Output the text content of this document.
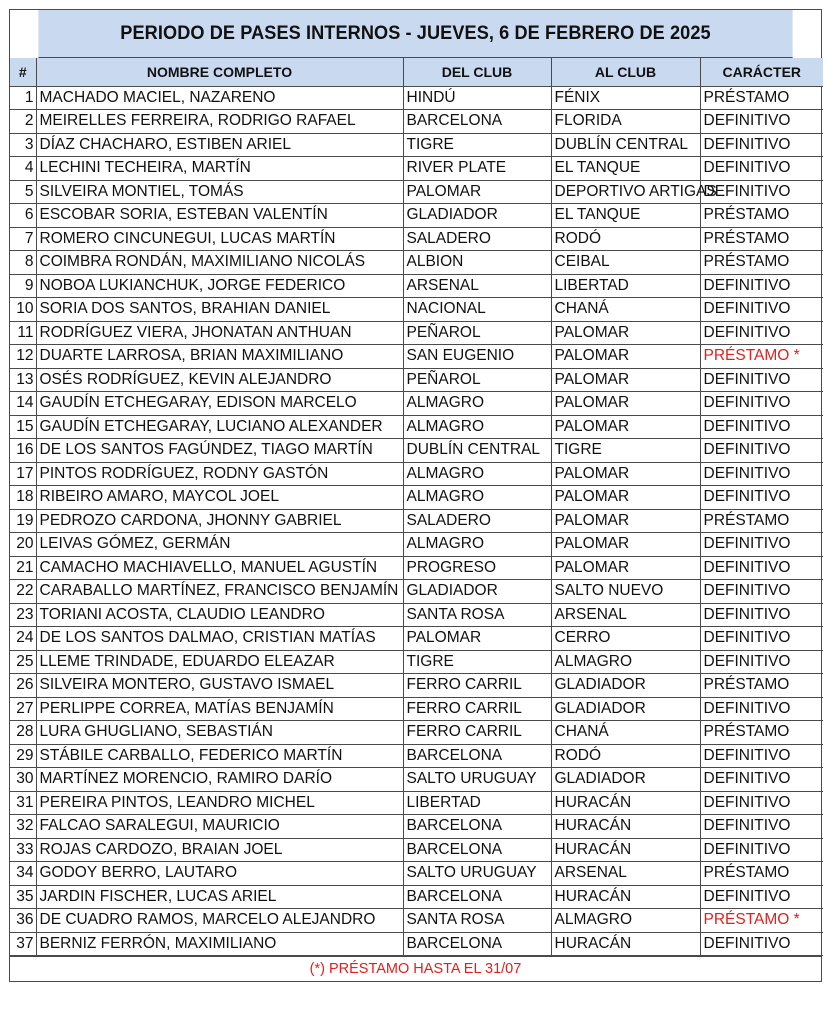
PERIODO DE PASES INTERNOS - JUEVES, 6 DE FEBRERO DE 2025
#	NOMBRE COMPLETO	DEL CLUB	AL CLUB	CARÁCTER
1	MACHADO MACIEL, NAZARENO	HINDÚ	FÉNIX	PRÉSTAMO
2	MEIRELLES FERREIRA, RODRIGO RAFAEL	BARCELONA	FLORIDA	DEFINITIVO
3	DÍAZ CHACHARO, ESTIBEN ARIEL	TIGRE	DUBLÍN CENTRAL	DEFINITIVO
4	LECHINI TECHEIRA, MARTÍN	RIVER PLATE	EL TANQUE	DEFINITIVO
5	SILVEIRA MONTIEL, TOMÁS	PALOMAR	DEPORTIVO ARTIGAS	DEFINITIVO
6	ESCOBAR SORIA, ESTEBAN VALENTÍN	GLADIADOR	EL TANQUE	PRÉSTAMO
7	ROMERO CINCUNEGUI, LUCAS MARTÍN	SALADERO	RODÓ	PRÉSTAMO
8	COIMBRA RONDÁN, MAXIMILIANO NICOLÁS	ALBION	CEIBAL	PRÉSTAMO
9	NOBOA LUKIANCHUK, JORGE FEDERICO	ARSENAL	LIBERTAD	DEFINITIVO
10	SORIA DOS SANTOS, BRAHIAN DANIEL	NACIONAL	CHANÁ	DEFINITIVO
11	RODRÍGUEZ VIERA, JHONATAN ANTHUAN	PEÑAROL	PALOMAR	DEFINITIVO
12	DUARTE LARROSA, BRIAN MAXIMILIANO	SAN EUGENIO	PALOMAR	PRÉSTAMO *
13	OSÉS RODRÍGUEZ, KEVIN ALEJANDRO	PEÑAROL	PALOMAR	DEFINITIVO
14	GAUDÍN ETCHEGARAY, EDISON MARCELO	ALMAGRO	PALOMAR	DEFINITIVO
15	GAUDÍN ETCHEGARAY, LUCIANO ALEXANDER	ALMAGRO	PALOMAR	DEFINITIVO
16	DE LOS SANTOS FAGÚNDEZ, TIAGO MARTÍN	DUBLÍN CENTRAL	TIGRE	DEFINITIVO
17	PINTOS RODRÍGUEZ, RODNY GASTÓN	ALMAGRO	PALOMAR	DEFINITIVO
18	RIBEIRO AMARO, MAYCOL JOEL	ALMAGRO	PALOMAR	DEFINITIVO
19	PEDROZO CARDONA, JHONNY GABRIEL	SALADERO	PALOMAR	PRÉSTAMO
20	LEIVAS GÓMEZ, GERMÁN	ALMAGRO	PALOMAR	DEFINITIVO
21	CAMACHO MACHIAVELLO, MANUEL AGUSTÍN	PROGRESO	PALOMAR	DEFINITIVO
22	CARABALLO MARTÍNEZ, FRANCISCO BENJAMÍN	GLADIADOR	SALTO NUEVO	DEFINITIVO
23	TORIANI ACOSTA, CLAUDIO LEANDRO	SANTA ROSA	ARSENAL	DEFINITIVO
24	DE LOS SANTOS DALMAO, CRISTIAN MATÍAS	PALOMAR	CERRO	DEFINITIVO
25	LLEME TRINDADE, EDUARDO ELEAZAR	TIGRE	ALMAGRO	DEFINITIVO
26	SILVEIRA MONTERO, GUSTAVO ISMAEL	FERRO CARRIL	GLADIADOR	PRÉSTAMO
27	PERLIPPE CORREA, MATÍAS BENJAMÍN	FERRO CARRIL	GLADIADOR	DEFINITIVO
28	LURA GHUGLIANO, SEBASTIÁN	FERRO CARRIL	CHANÁ	PRÉSTAMO
29	STÁBILE CARBALLO, FEDERICO MARTÍN	BARCELONA	RODÓ	DEFINITIVO
30	MARTÍNEZ MORENCIO, RAMIRO DARÍO	SALTO URUGUAY	GLADIADOR	DEFINITIVO
31	PEREIRA PINTOS, LEANDRO MICHEL	LIBERTAD	HURACÁN	DEFINITIVO
32	FALCAO SARALEGUI, MAURICIO	BARCELONA	HURACÁN	DEFINITIVO
33	ROJAS CARDOZO, BRAIAN JOEL	BARCELONA	HURACÁN	DEFINITIVO
34	GODOY BERRO, LAUTARO	SALTO URUGUAY	ARSENAL	PRÉSTAMO
35	JARDIN FISCHER, LUCAS ARIEL	BARCELONA	HURACÁN	DEFINITIVO
36	DE CUADRO RAMOS, MARCELO ALEJANDRO	SANTA ROSA	ALMAGRO	PRÉSTAMO *
37	BERNIZ FERRÓN, MAXIMILIANO	BARCELONA	HURACÁN	DEFINITIVO
(*) PRÉSTAMO HASTA EL 31/07
